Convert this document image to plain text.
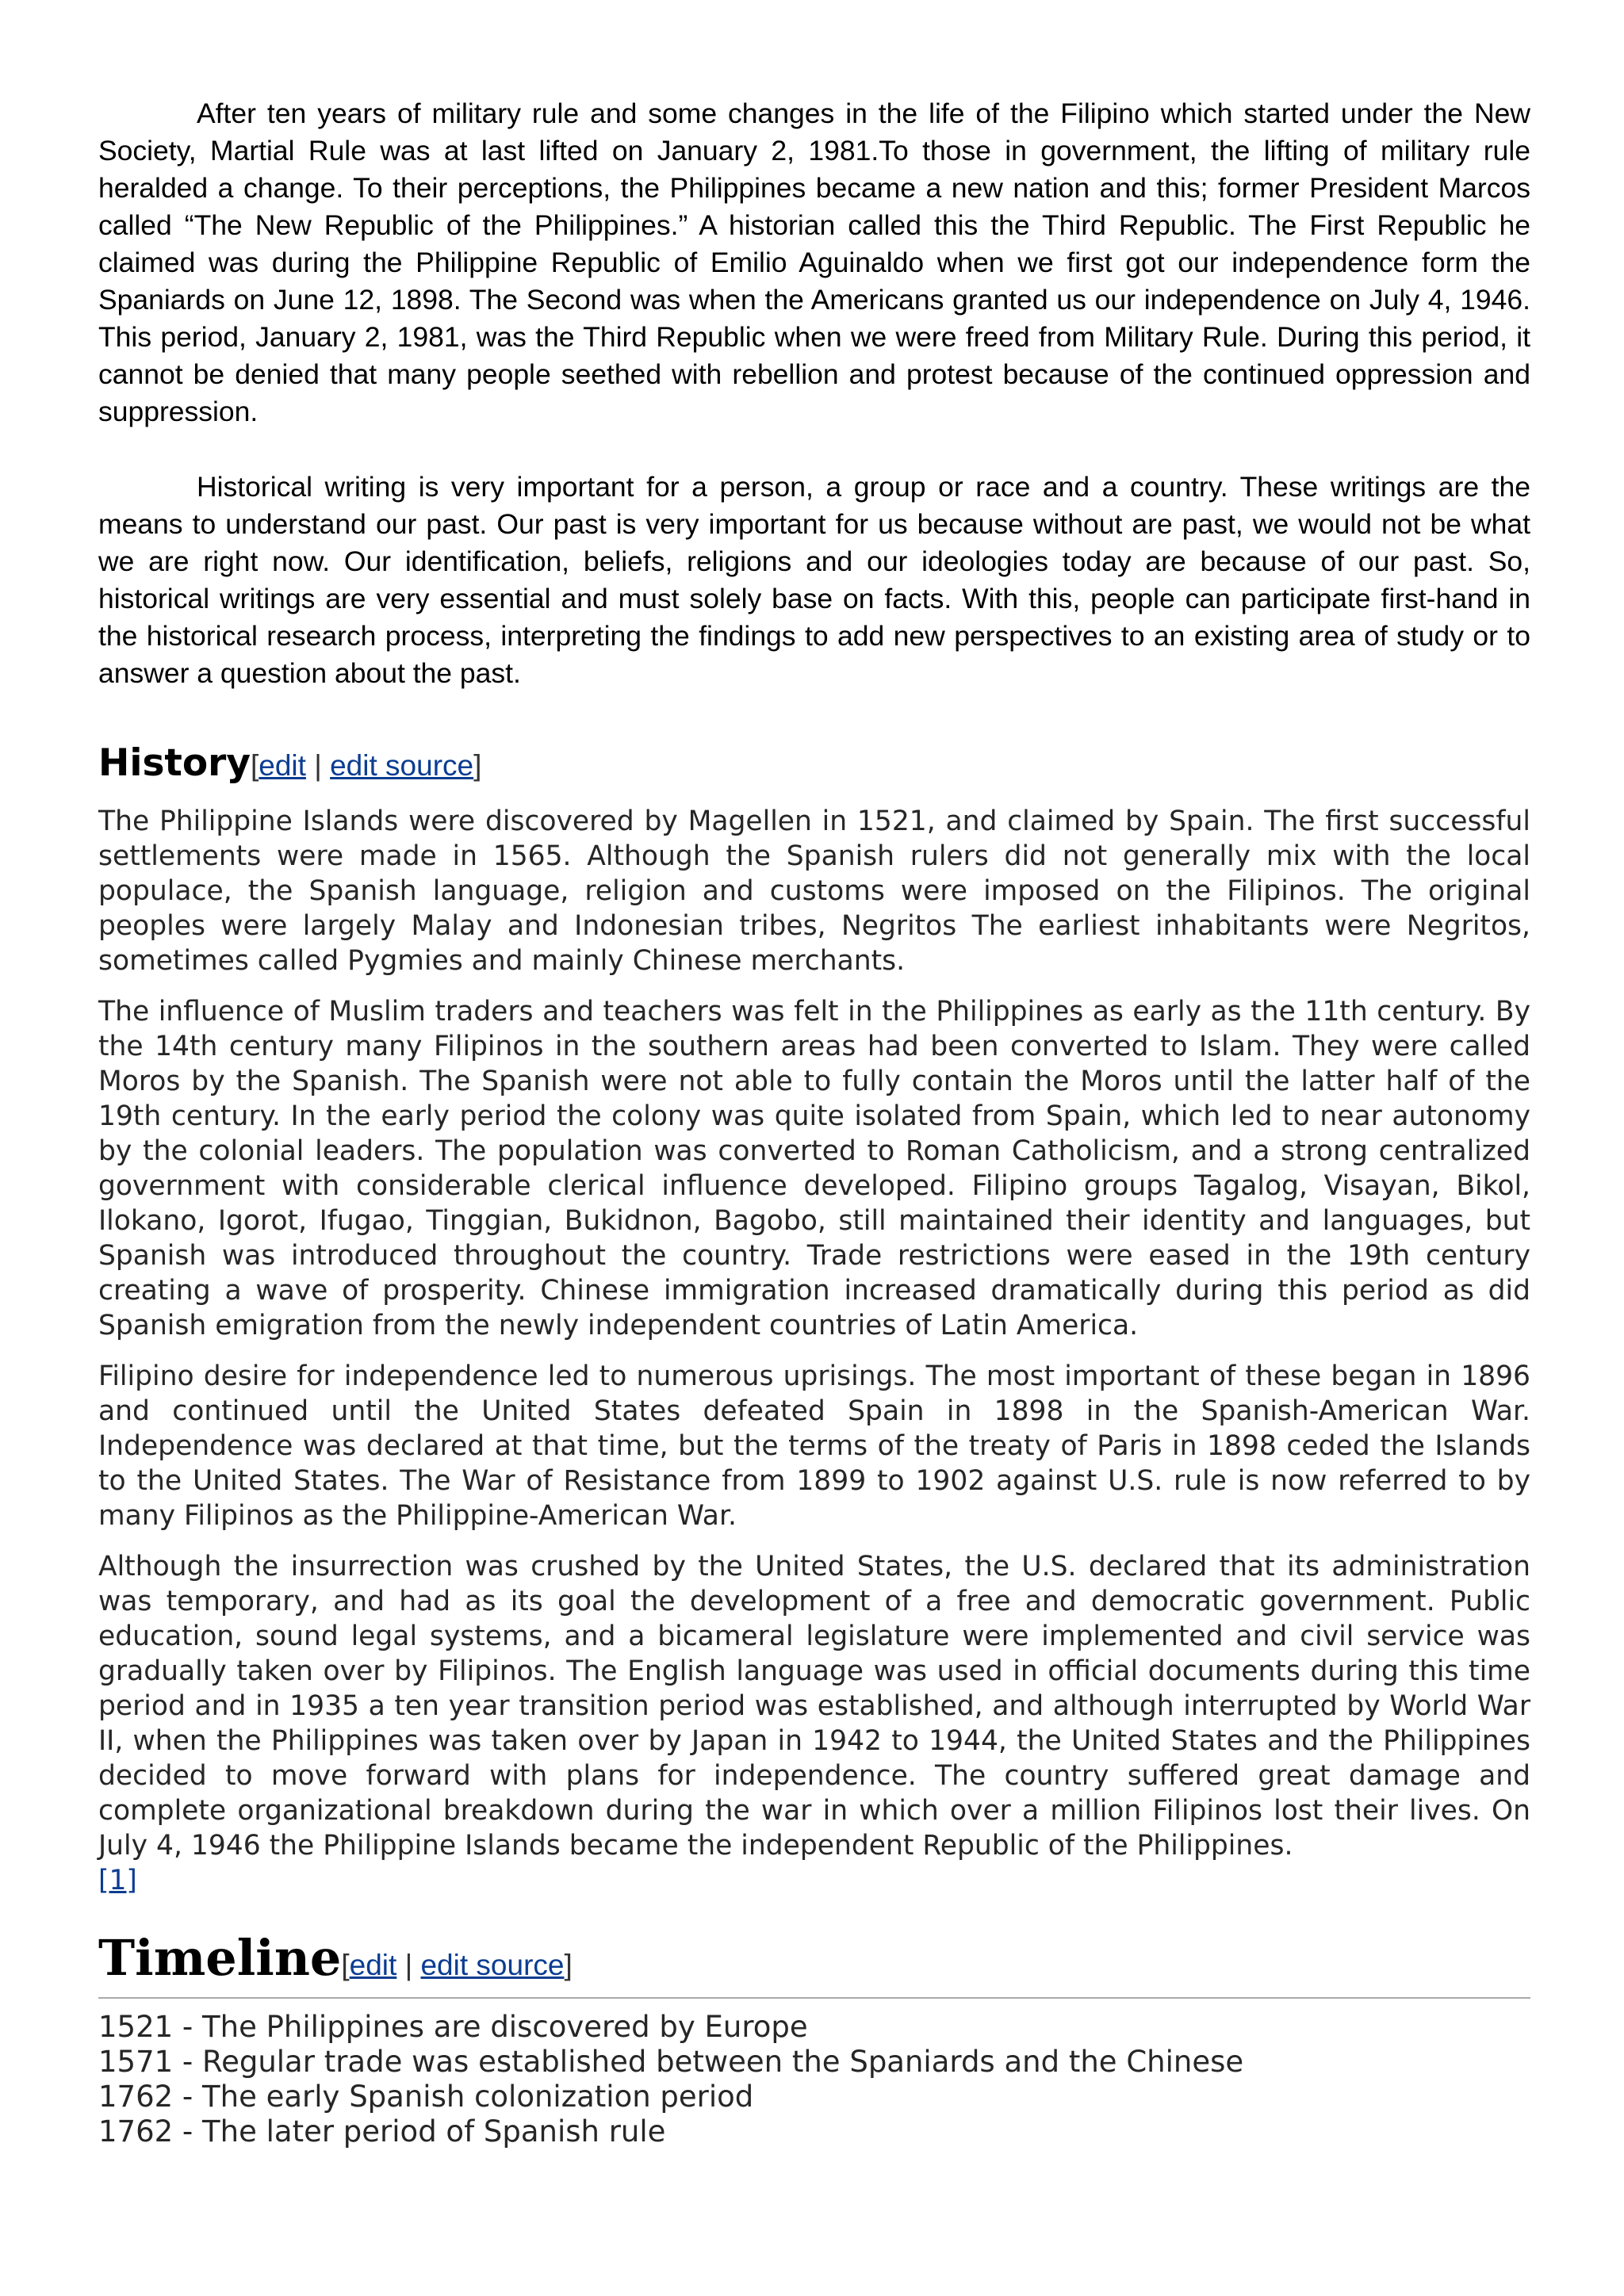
After ten years of military rule and some changes in the life of the Filipino which started under the New Society, Martial Rule was at last lifted on January 2, 1981.To those in government, the lifting of military rule heralded a change. To their perceptions, the Philippines became a new nation and this; former President Marcos called “The New Republic of the Philippines.” A historian called this the Third Republic. The First Republic he claimed was during the Philippine Republic of Emilio Aguinaldo when we first got our independence form the Spaniards on June 12, 1898. The Second was when the Americans granted us our independence on July 4, 1946. This period, January 2, 1981, was the Third Republic when we were freed from Military Rule. During this period, it cannot be denied that many people seethed with rebellion and protest because of the continued oppression and suppression.

Historical writing is very important for a person, a group or race and a country. These writings are the means to understand our past. Our past is very important for us because without are past, we would not be what we are right now. Our identification, beliefs, religions and our ideologies today are because of our past. So, historical writings are very essential and must solely base on facts. With this, people can participate first-hand in the historical research process, interpreting the findings to add new perspectives to an existing area of study or to answer a question about the past.

History[edit | edit source]

The Philippine Islands were discovered by Magellen in 1521, and claimed by Spain. The first successful settlements were made in 1565. Although the Spanish rulers did not generally mix with the local populace, the Spanish language, religion and customs were imposed on the Filipinos. The original peoples were largely Malay and Indonesian tribes, Negritos The earliest inhabitants were Negritos, sometimes called Pygmies and mainly Chinese merchants.

The influence of Muslim traders and teachers was felt in the Philippines as early as the 11th century. By the 14th century many Filipinos in the southern areas had been converted to Islam. They were called Moros by the Spanish. The Spanish were not able to fully contain the Moros until the latter half of the 19th century. In the early period the colony was quite isolated from Spain, which led to near autonomy by the colonial leaders. The population was converted to Roman Catholicism, and a strong centralized government with considerable clerical influence developed. Filipino groups Tagalog, Visayan, Bikol, Ilokano, Igorot, Ifugao, Tinggian, Bukidnon, Bagobo, still maintained their identity and languages, but Spanish was introduced throughout the country. Trade restrictions were eased in the 19th century creating a wave of prosperity. Chinese immigration increased dramatically during this period as did Spanish emigration from the newly independent countries of Latin America.

Filipino desire for independence led to numerous uprisings. The most important of these began in 1896 and continued until the United States defeated Spain in 1898 in the Spanish-American War. Independence was declared at that time, but the terms of the treaty of Paris in 1898 ceded the Islands to the United States. The War of Resistance from 1899 to 1902 against U.S. rule is now referred to by many Filipinos as the Philippine-American War.

Although the insurrection was crushed by the United States, the U.S. declared that its administration was temporary, and had as its goal the development of a free and democratic government. Public education, sound legal systems, and a bicameral legislature were implemented and civil service was gradually taken over by Filipinos. The English language was used in official documents during this time period and in 1935 a ten year transition period was established, and although interrupted by World War II, when the Philippines was taken over by Japan in 1942 to 1944, the United States and the Philippines decided to move forward with plans for independence. The country suffered great damage and complete organizational breakdown during the war in which over a million Filipinos lost their lives. On July 4, 1946 the Philippine Islands became the independent Republic of the Philippines.

[1]
Timeline[edit | edit source]
1521 - The Philippines are discovered by Europe
1571 - Regular trade was established between the Spaniards and the Chinese
1762 - The early Spanish colonization period
1762 - The later period of Spanish rule
